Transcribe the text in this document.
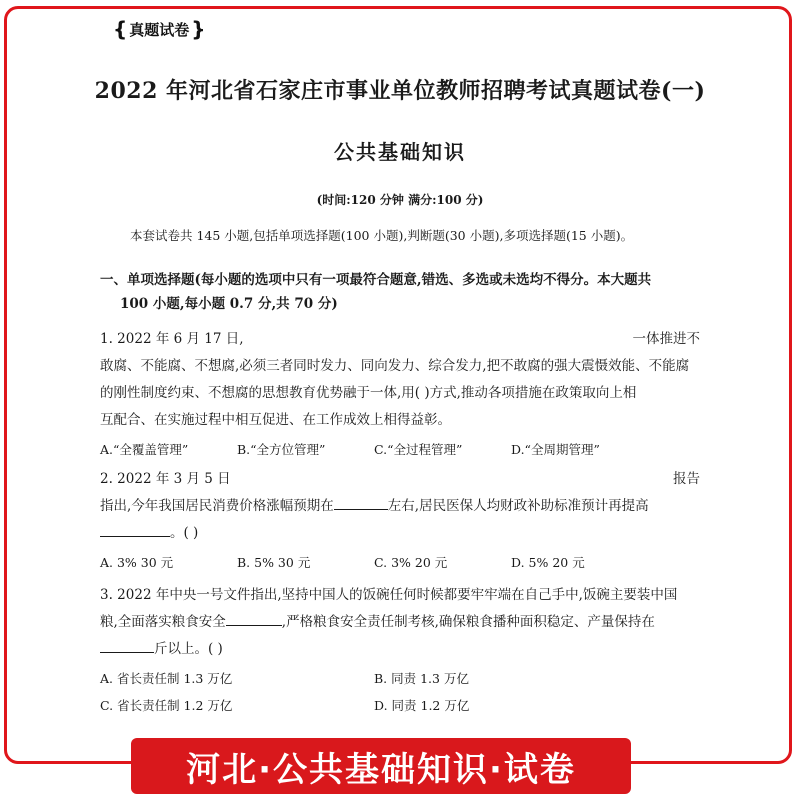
{ 真题试卷 }
2022 年河北省石家庄市事业单位教师招聘考试真题试卷(一)
公共基础知识
(时间:120 分钟 满分:100 分)
本套试卷共 145 小题,包括单项选择题(100 小题),判断题(30 小题),多项选择题(15 小题)。
一、单项选择题(每小题的选项中只有一项最符合题意,错选、多选或未选均不得分。本大题共
100 小题,每小题 0.7 分,共 70 分)
1. 2022 年 6 月 17 日,	一体推进不
敢腐、不能腐、不想腐,必须三者同时发力、同向发力、综合发力,把不敢腐的强大震慑效能、不能腐
的刚性制度约束、不想腐的思想教育优势融于一体,用( )方式,推动各项措施在政策取向上相
互配合、在实施过程中相互促进、在工作成效上相得益彰。
A.“全覆盖管理”	B.“全方位管理”	C.“全过程管理”	D.“全周期管理”
2. 2022 年 3 月 5 日	报告
指出,今年我国居民消费价格涨幅预期在	左右,居民医保人均财政补助标准预计再提高
。( )
A. 3% 30 元	B. 5% 30 元	C. 3% 20 元	D. 5% 20 元
3. 2022 年中央一号文件指出,坚持中国人的饭碗任何时候都要牢牢端在自己手中,饭碗主要装中国
粮,全面落实粮食安全	,严格粮食安全责任制考核,确保粮食播种面积稳定、产量保持在
斤以上。( )
A. 省长责任制 1.3 万亿	B. 同责 1.3 万亿
C. 省长责任制 1.2 万亿	D. 同责 1.2 万亿
河北·公共基础知识·试卷
